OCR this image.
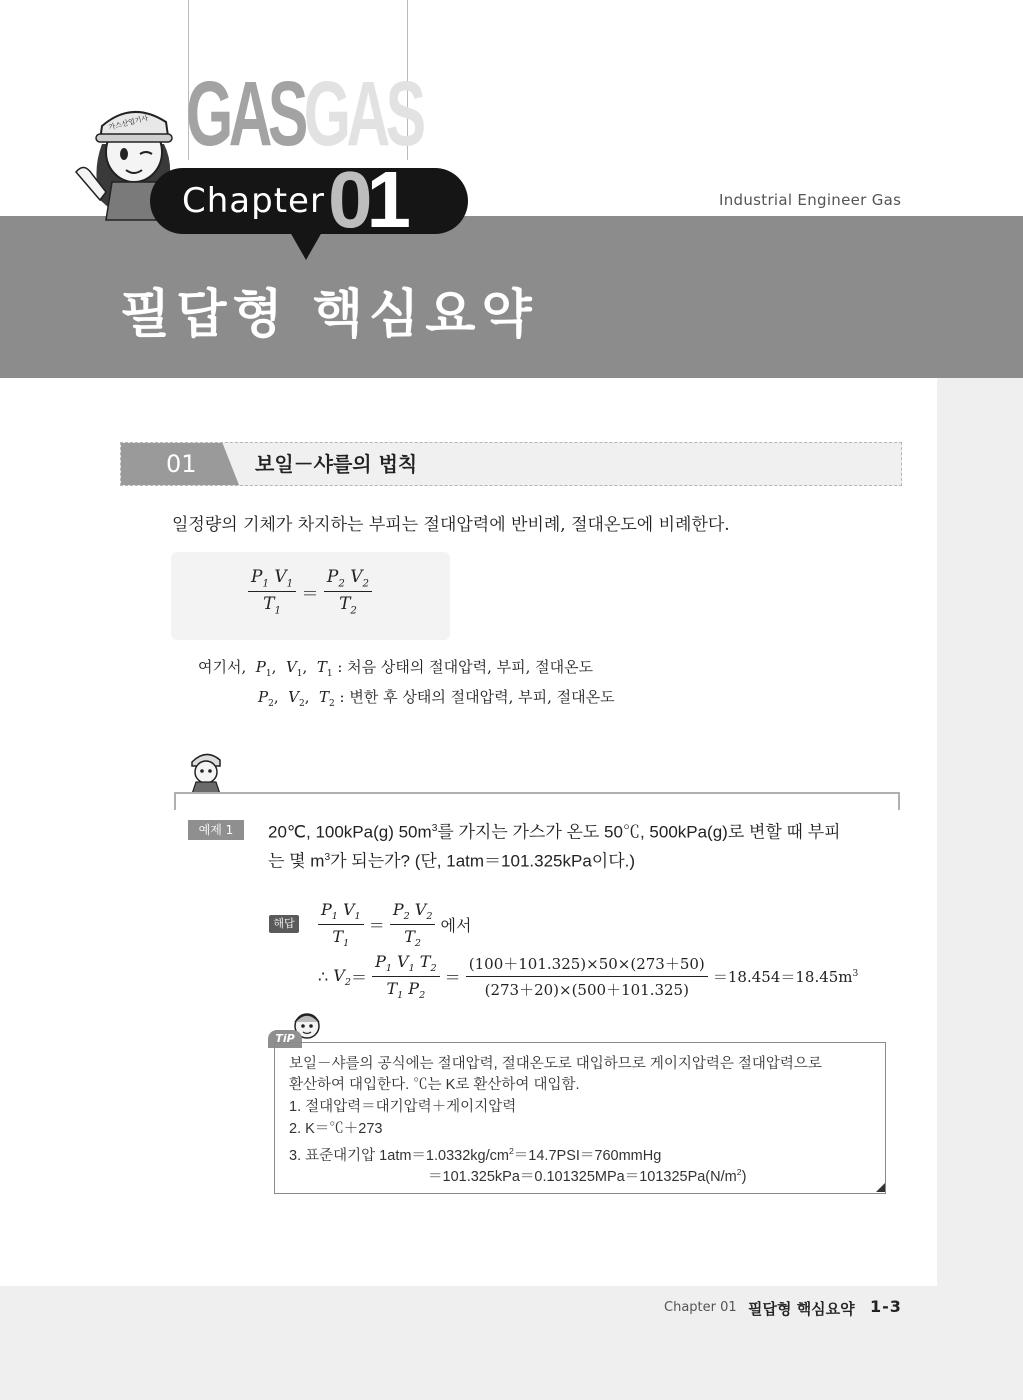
GASGAS
가스산업기사
Chapter 01	Industrial Engineer Gas
필답형 핵심요약
01	보일－샤를의 법칙
일정량의 기체가 차지하는 부피는 절대압력에 반비례, 절대온도에 비례한다.
$\frac{P_1 V_1}{T_1} = \frac{P_2 V_2}{T_2}$
여기서, $P_1$,  $V_1$,  $T_1$ : 처음 상태의 절대압력, 부피, 절대온도
$P_2$,  $V_2$,  $T_2$ : 변한 후 상태의 절대압력, 부피, 절대온도
예제 1	20℃, 100kPa(g) $50m^3$를 가지는 가스가 온도 50℃, 500kPa(g)로 변할 때 부피
는 몇 $m^3$가 되는가? (단, 1atm＝101.325kPa이다.)
해답 $\frac{P_1 V_1}{T_1} = \frac{P_2 V_2}{T_2}$ 에서
∴ $V_2= \frac{P_1 V_1 T_2}{T_1 P_2} = \frac{(100+101.325)\times 50\times(273+50)}{(273+20)\times(500+101.325)} =18.454=18.45m^3$
TiP
보일－샤를의 공식에는 절대압력, 절대온도로 대입하므로 게이지압력은 절대압력으로
환산하여 대입한다. ℃는 K로 환산하여 대입함.
1. 절대압력＝대기압력＋게이지압력
2. K＝℃＋273
3. 표준대기압 $1atm=1.0332kg/cm^2=14.7PSI=760mmHg$
$=101.325kPa=0.101325MPa=101325Pa(N/m^2)$
Chapter 01 필답형 핵심요약 1-3
